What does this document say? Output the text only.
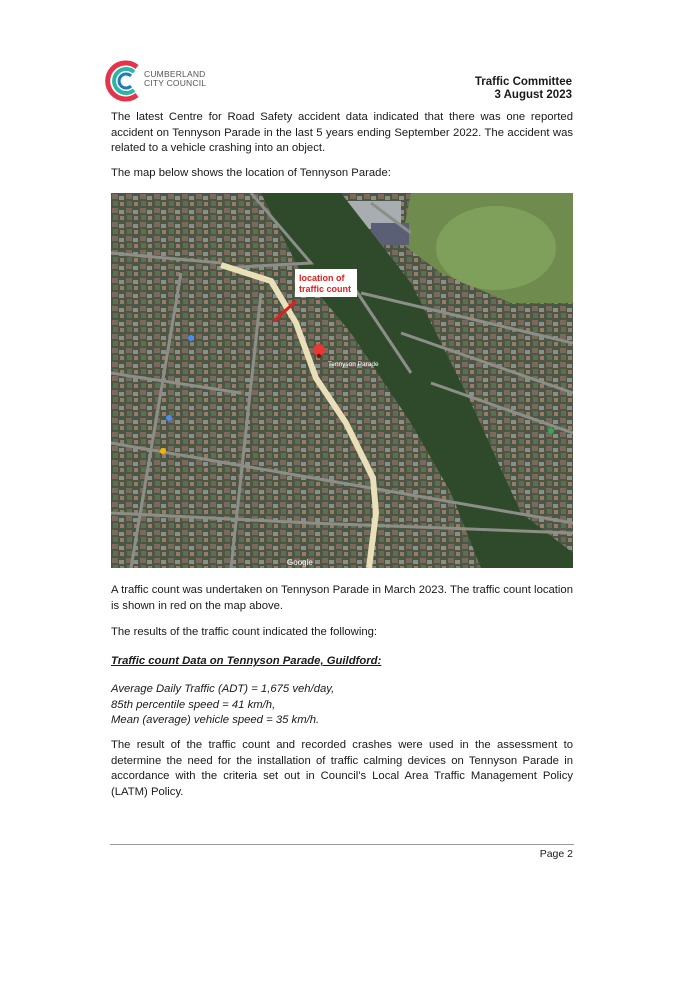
CUMBERLAND
CITY COUNCIL	Traffic Committee
3 August 2023
The latest Centre for Road Safety accident data indicated that there was one reported accident on Tennyson Parade in the last 5 years ending September 2022. The accident was related to a vehicle crashing into an object.
The map below shows the location of Tennyson Parade:
location of
traffic count
Tennyson Parade
Google
A traffic count was undertaken on Tennyson Parade in March 2023. The traffic count location is shown in red on the map above.
The results of the traffic count indicated the following:
Traffic count Data on Tennyson Parade, Guildford:
Average Daily Traffic (ADT) = 1,675 veh/day,
85th percentile speed = 41 km/h,
Mean (average) vehicle speed = 35 km/h.
The result of the traffic count and recorded crashes were used in the assessment to determine the need for the installation of traffic calming devices on Tennyson Parade in accordance with the criteria set out in Council's Local Area Traffic Management Policy (LATM) Policy.
Page 2
